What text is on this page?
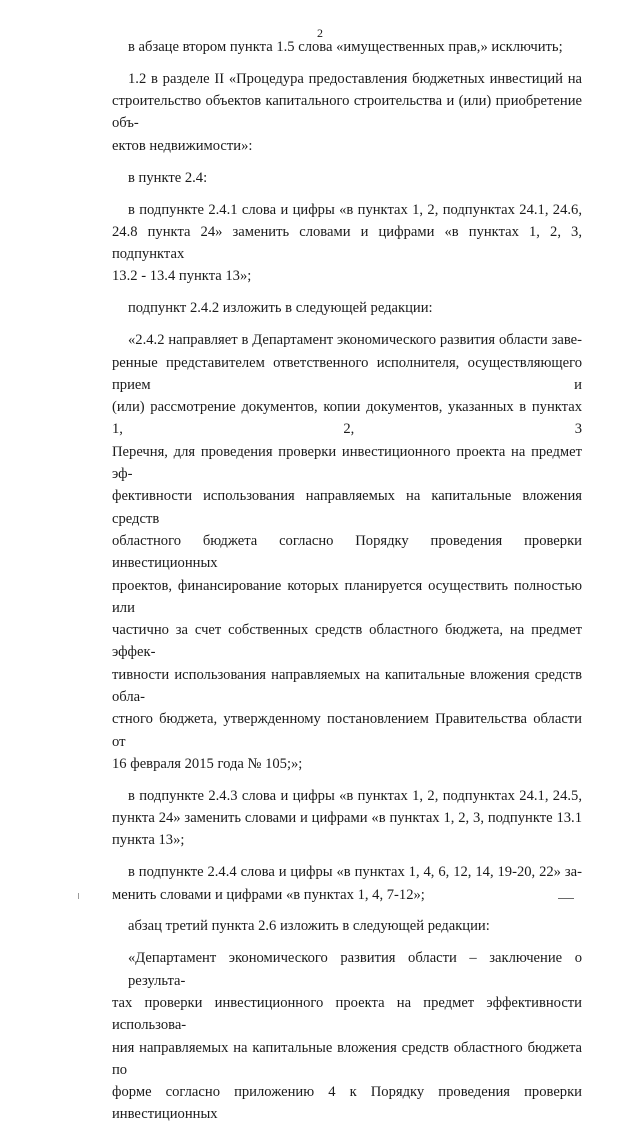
2
в абзаце втором пункта 1.5 слова «имущественных прав,» исключить;
1.2 в разделе II «Процедура предоставления бюджетных инвестиций на
строительство объектов капитального строительства и (или) приобретение объ-
ектов недвижимости»:
в пункте 2.4:
в подпункте 2.4.1 слова и цифры «в пунктах 1, 2, подпунктах 24.1, 24.6,
24.8 пункта 24» заменить словами и цифрами «в пунктах 1, 2, 3, подпунктах
13.2 - 13.4 пункта 13»;
подпункт 2.4.2 изложить в следующей редакции:
«2.4.2 направляет в Департамент экономического развития области заве-
ренные представителем ответственного исполнителя, осуществляющего прием и
(или) рассмотрение документов, копии документов, указанных в пунктах 1, 2, 3
Перечня, для проведения проверки инвестиционного проекта на предмет эф-
фективности использования направляемых на капитальные вложения средств
областного бюджета согласно Порядку проведения проверки инвестиционных
проектов, финансирование которых планируется осуществить полностью или
частично за счет собственных средств областного бюджета, на предмет эффек-
тивности использования направляемых на капитальные вложения средств обла-
стного бюджета, утвержденному постановлением Правительства области от
16 февраля 2015 года № 105;»;
в подпункте 2.4.3 слова и цифры «в пунктах 1, 2, подпунктах 24.1, 24.5,
пункта 24» заменить словами и цифрами «в пунктах 1, 2, 3, подпункте 13.1
пункта 13»;
в подпункте 2.4.4 слова и цифры «в пунктах 1, 4, 6, 12, 14, 19-20, 22» за-
менить словами и цифрами «в пунктах 1, 4, 7-12»;
абзац третий пункта 2.6 изложить в следующей редакции:
«Департамент экономического развития области – заключение о результа-
тах проверки инвестиционного проекта на предмет эффективности использова-
ния направляемых на капитальные вложения средств областного бюджета по
форме согласно приложению 4 к Порядку проведения проверки инвестиционных
